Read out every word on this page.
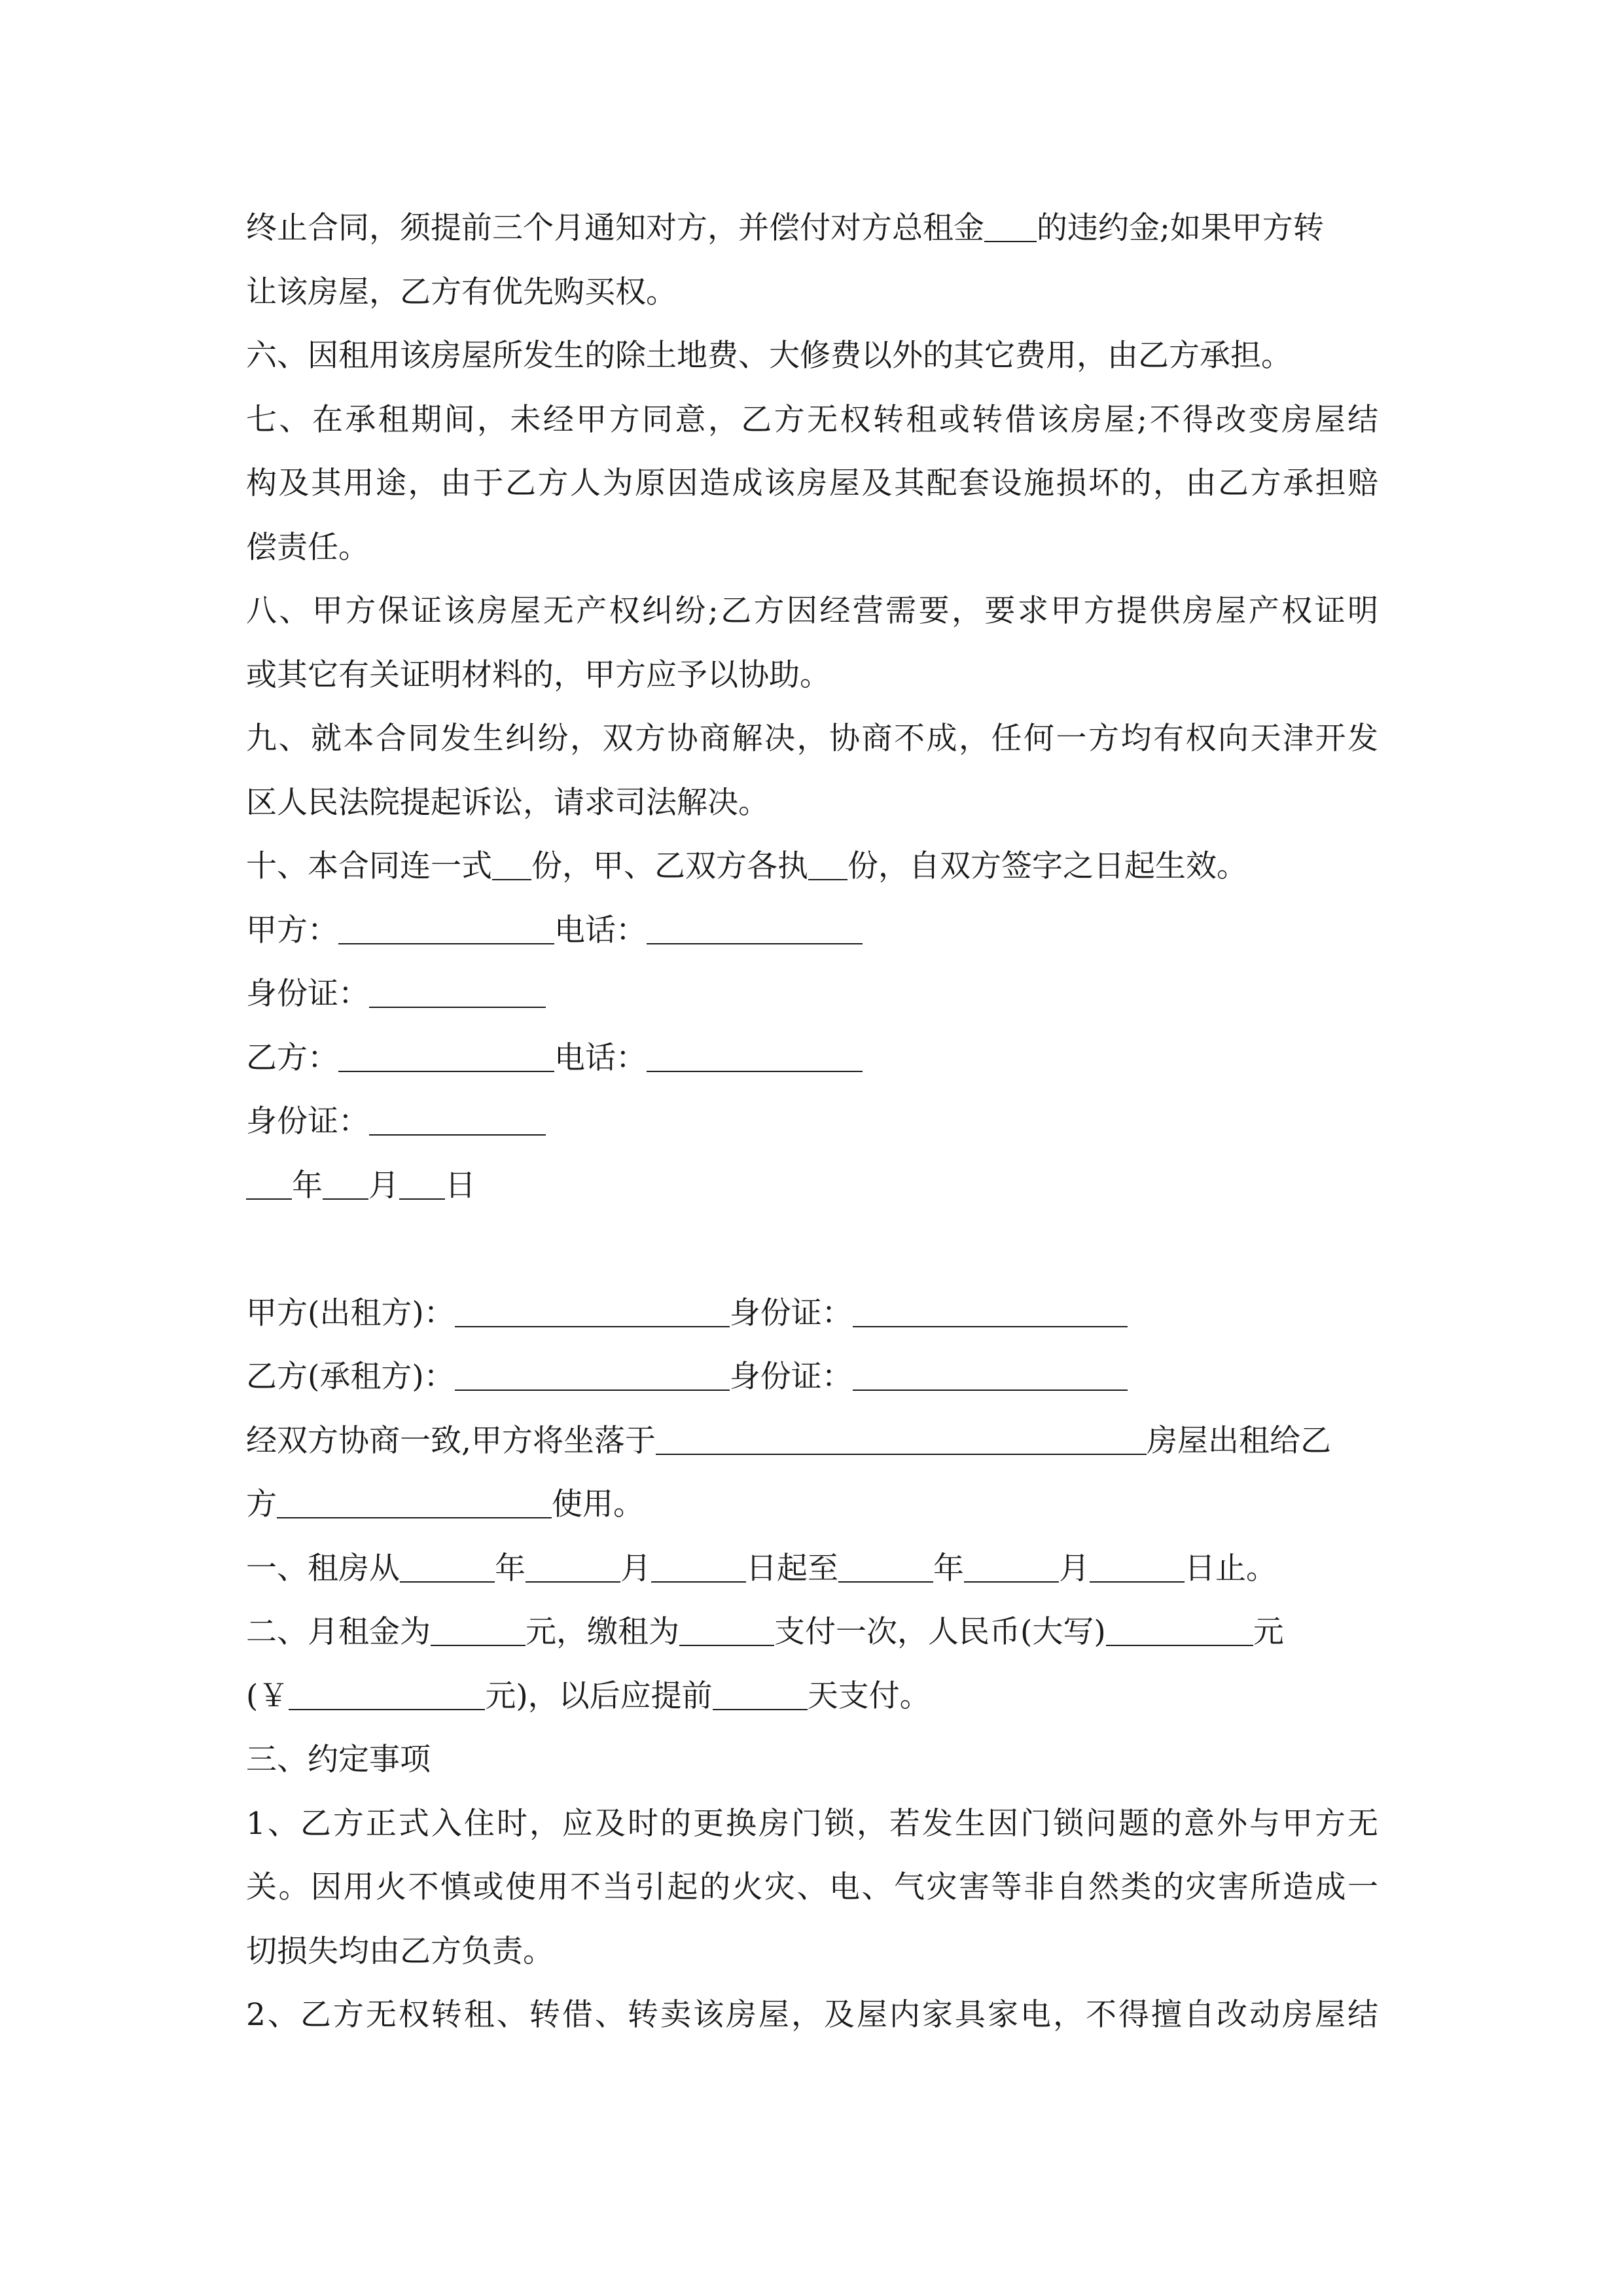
终止合同，须提前三个月通知对方，并偿付对方总租金 的违约金;如果甲方转
让该房屋，乙方有优先购买权。
六、因租用该房屋所发生的除土地费、大修费以外的其它费用，由乙方承担。
七、在承租期间，未经甲方同意，乙方无权转租或转借该房屋;不得改变房屋结
构及其用途，由于乙方人为原因造成该房屋及其配套设施损坏的，由乙方承担赔
偿责任。
八、甲方保证该房屋无产权纠纷;乙方因经营需要，要求甲方提供房屋产权证明
或其它有关证明材料的，甲方应予以协助。
九、就本合同发生纠纷，双方协商解决，协商不成，任何一方均有权向天津开发
区人民法院提起诉讼，请求司法解决。
十、本合同连一式 份，甲、乙双方各执 份，自双方签字之日起生效。
甲方：	电话：
身份证：
乙方：	电话：
身份证：
年 月 日
甲方(出租方)：	身份证：
乙方(承租方)：	身份证：
经双方协商一致,甲方将坐落于	房屋出租给乙
方	使用。
一、租房从	年	月	日起至	年	月	日止。
二、月租金为	元，缴租为	支付一次，人民币(大写)	元
(￥	元)，以后应提前	天支付。
三、约定事项
1、乙方正式入住时，应及时的更换房门锁，若发生因门锁问题的意外与甲方无
关。因用火不慎或使用不当引起的火灾、电、气灾害等非自然类的灾害所造成一
切损失均由乙方负责。
2、乙方无权转租、转借、转卖该房屋，及屋内家具家电，不得擅自改动房屋结
